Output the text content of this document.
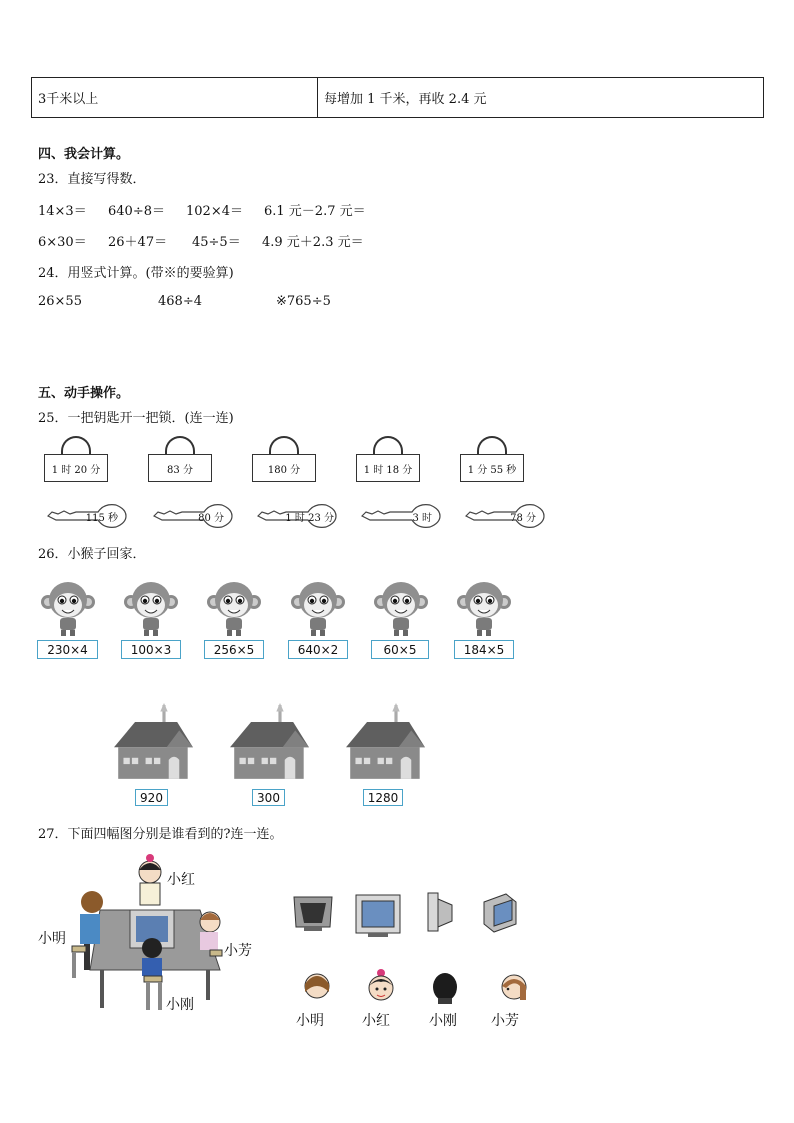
3千米以上	每增加 1 千米，再收 2.4 元
四、我会计算。
23．直接写得数．
14×3＝ 640÷8＝ 102×4＝ 6.1 元－2.7 元＝
6×30＝ 26＋47＝ 45÷5＝ 4.9 元＋2.3 元＝
24．用竖式计算。(带※的要验算)
26×55	468÷4	※765÷5
五、动手操作。
25．一把钥匙开一把锁．(连一连)
1 时 20 分	83 分	180 分	1 时 18 分	1 分 55 秒
115 秒	80 分	1 时 23 分	3 时	78 分
26．小猴子回家．
230×4	100×3	256×5	640×2	60×5	184×5
920	300	1280
27．下面四幅图分别是谁看到的?连一连。
小红
小明
小芳
小刚
小明	小红	小刚 小芳
